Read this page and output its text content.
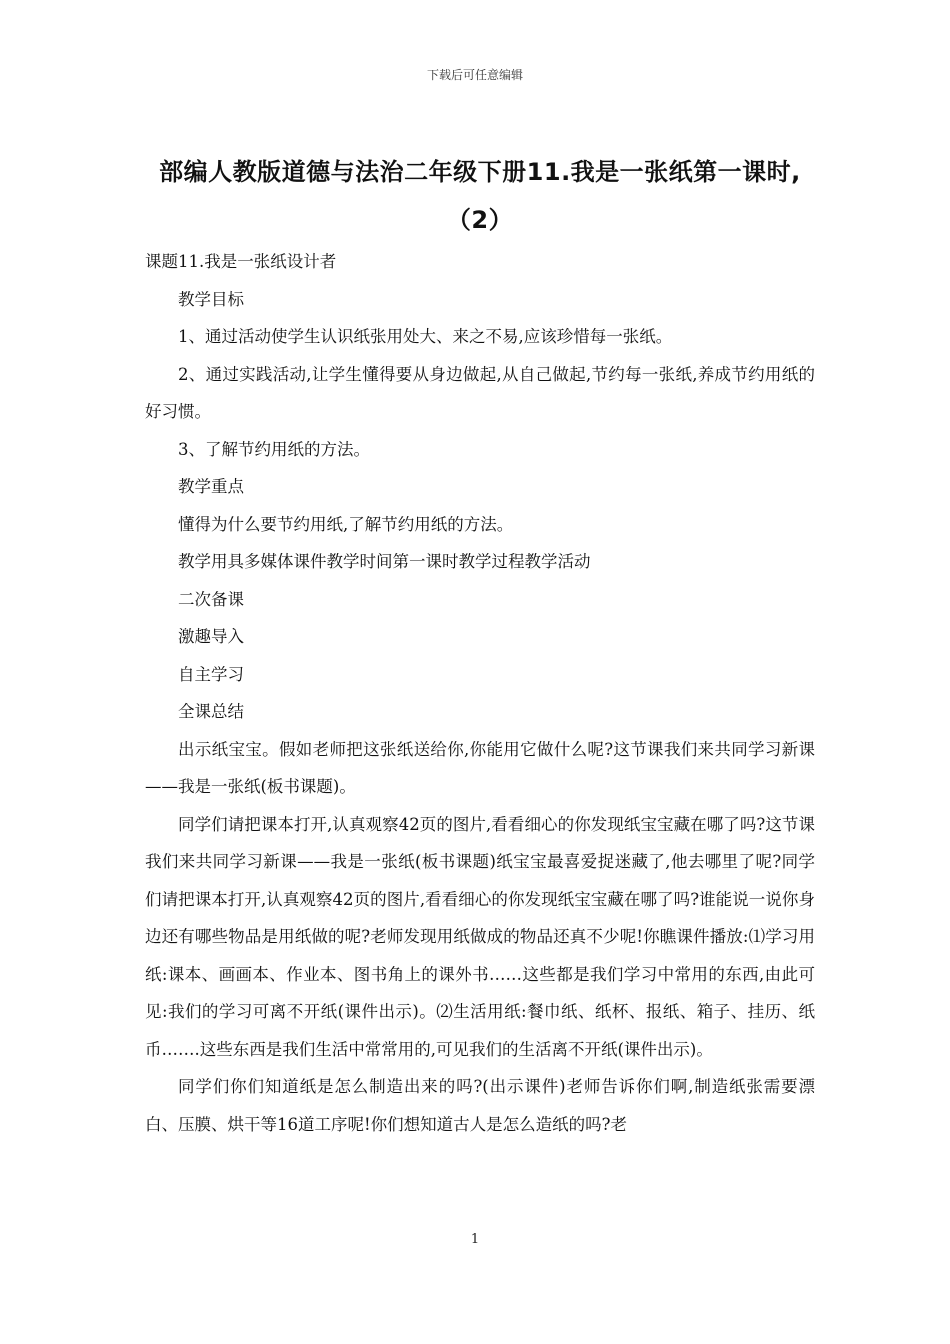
下载后可任意编辑
部编人教版道德与法治二年级下册11.我是一张纸第一课时,（2）

课题11.我是一张纸设计者

教学目标

1、通过活动使学生认识纸张用处大、来之不易,应该珍惜每一张纸。

2、通过实践活动,让学生懂得要从身边做起,从自己做起,节约每一张纸,养成节约用纸的好习惯。

3、了解节约用纸的方法。

教学重点

懂得为什么要节约用纸,了解节约用纸的方法。

教学用具多媒体课件教学时间第一课时教学过程教学活动

二次备课

激趣导入

自主学习

全课总结

出示纸宝宝。假如老师把这张纸送给你,你能用它做什么呢?这节课我们来共同学习新课——我是一张纸(板书课题)。

同学们请把课本打开,认真观察42页的图片,看看细心的你发现纸宝宝藏在哪了吗?这节课我们来共同学习新课——我是一张纸(板书课题)纸宝宝最喜爱捉迷藏了,他去哪里了呢?同学们请把课本打开,认真观察42页的图片,看看细心的你发现纸宝宝藏在哪了吗?谁能说一说你身边还有哪些物品是用纸做的呢?老师发现用纸做成的物品还真不少呢!你瞧课件播放:⑴学习用纸:课本、画画本、作业本、图书角上的课外书……这些都是我们学习中常用的东西,由此可见:我们的学习可离不开纸(课件出示)。⑵生活用纸:餐巾纸、纸杯、报纸、箱子、挂历、纸币…….这些东西是我们生活中常常用的,可见我们的生活离不开纸(课件出示)。

同学们你们知道纸是怎么制造出来的吗?(出示课件)老师告诉你们啊,制造纸张需要漂白、压膜、烘干等16道工序呢!你们想知道古人是怎么造纸的吗?老

1
